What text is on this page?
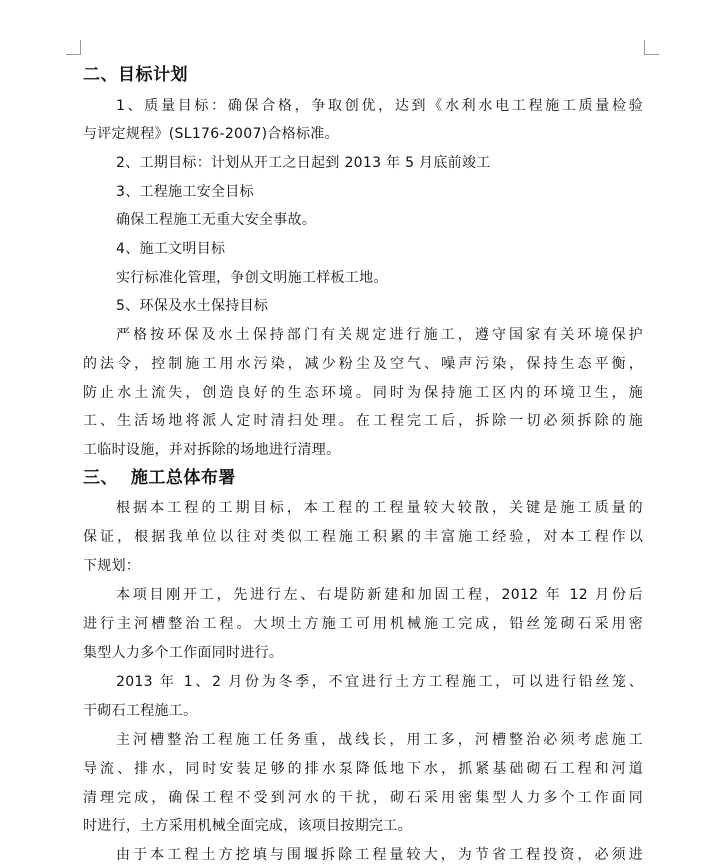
二、目标计划
1、质量目标：确保合格，争取创优，达到《水利水电工程施工质量检验
与评定规程》(SL176-2007)合格标准。
2、工期目标：计划从开工之日起到 2013 年 5 月底前竣工
3、工程施工安全目标
确保工程施工无重大安全事故。
4、施工文明目标
实行标准化管理，争创文明施工样板工地。
5、环保及水土保持目标
严格按环保及水土保持部门有关规定进行施工，遵守国家有关环境保护
的法令，控制施工用水污染，减少粉尘及空气、噪声污染，保持生态平衡，
防止水土流失，创造良好的生态环境。同时为保持施工区内的环境卫生，施
工、生活场地将派人定时清扫处理。在工程完工后，拆除一切必须拆除的施
工临时设施，并对拆除的场地进行清理。
三、  施工总体布署
根据本工程的工期目标，本工程的工程量较大较散，关键是施工质量的
保证，根据我单位以往对类似工程施工积累的丰富施工经验，对本工程作以
下规划：
本项目刚开工，先进行左、右堤防新建和加固工程，2012 年 12 月份后
进行主河槽整治工程。大坝土方施工可用机械施工完成，铅丝笼砌石采用密
集型人力多个工作面同时进行。
2013 年 1、2 月份为冬季，不宜进行土方工程施工，可以进行铅丝笼、
干砌石工程施工。
主河槽整治工程施工任务重，战线长，用工多，河槽整治必须考虑施工
导流、排水，同时安装足够的排水泵降低地下水，抓紧基础砌石工程和河道
清理完成，确保工程不受到河水的干扰，砌石采用密集型人力多个工作面同
时进行，土方采用机械全面完成，该项目按期完工。
由于本工程土方挖填与围堰拆除工程量较大，为节省工程投资，必须进
